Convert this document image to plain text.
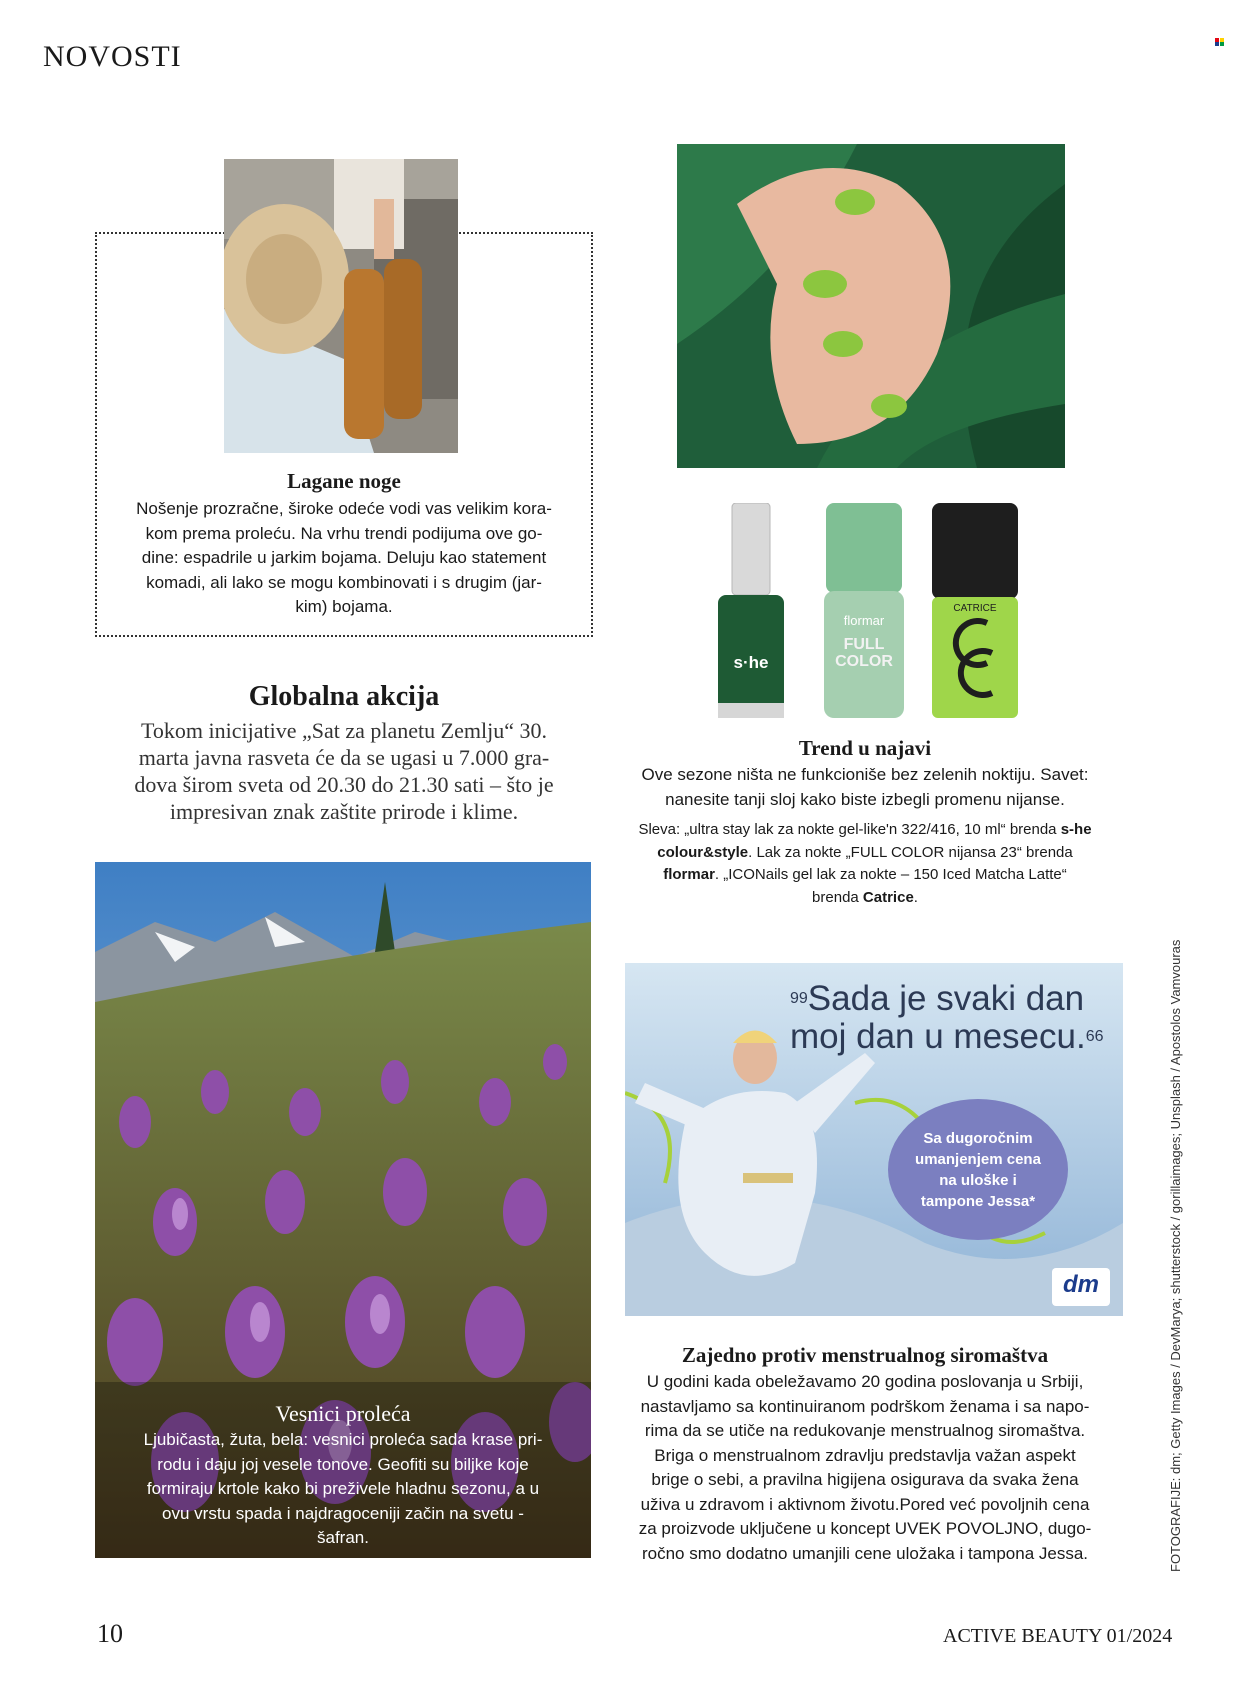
NOVOSTI
Lagane noge
Nošenje prozračne, široke odeće vodi vas velikim kora-
kom prema proleću. Na vrhu trendi podijuma ove go-
dine: espadrile u jarkim bojama. Deluju kao statement
komadi, ali lako se mogu kombinovati i s drugim (jar-
kim) bojama.
Globalna akcija
Tokom inicijative „Sat za planetu Zemlju“ 30.
marta javna rasveta će da se ugasi u 7.000 gra-
dova širom sveta od 20.30 do 21.30 sati – što je
impresivan znak zaštite prirode i klime.
Vesnici proleća
Ljubičasta, žuta, bela: vesnici proleća sada krase pri-
rodu i daju joj vesele tonove. Geofiti su biljke koje
formiraju krtole kako bi preživele hladnu sezonu, a u
ovu vrstu spada i najdragoceniji začin na svetu -
šafran.
s·he
flormar
FULL COLOR
CATRICE
Trend u najavi
Ove sezone ništa ne funkcioniše bez zelenih noktiju. Savet:
nanesite tanji sloj kako biste izbegli promenu nijanse.
Sleva: „ultra stay lak za nokte gel-like'n 322/416, 10 ml“ brenda s-he
colour&style. Lak za nokte „FULL COLOR nijansa 23“ brenda
flormar. „ICONails gel lak za nokte – 150 Iced Matcha Latte“
brenda Catrice.
$^{99}$Sada je svaki dan
moj dan u mesecu.$^{66}$
Sa dugoročnim umanjenjem cena na uloške i tampone Jessa*
dm
Zajedno protiv menstrualnog siromaštva
U godini kada obeležavamo 20 godina poslovanja u Srbiji,
nastavljamo sa kontinuiranom podrškom ženama i sa napo-
rima da se utiče na redukovanje menstrualnog siromaštva.
Briga o menstrualnom zdravlju predstavlja važan aspekt
brige o sebi, a pravilna higijena osigurava da svaka žena
uživa u zdravom i aktivnom životu.Pored već povoljnih cena
za proizvode uključene u koncept UVEK POVOLJNO, dugo-
ročno smo dodatno umanjili cene uložaka i tampona Jessa.	FOTOGRAFIJE: dm; Getty Images / DevMarya; shutterstock / gorillaimages; Unsplash / Apostolos Vamvouras
10	ACTIVE BEAUTY 01/2024
